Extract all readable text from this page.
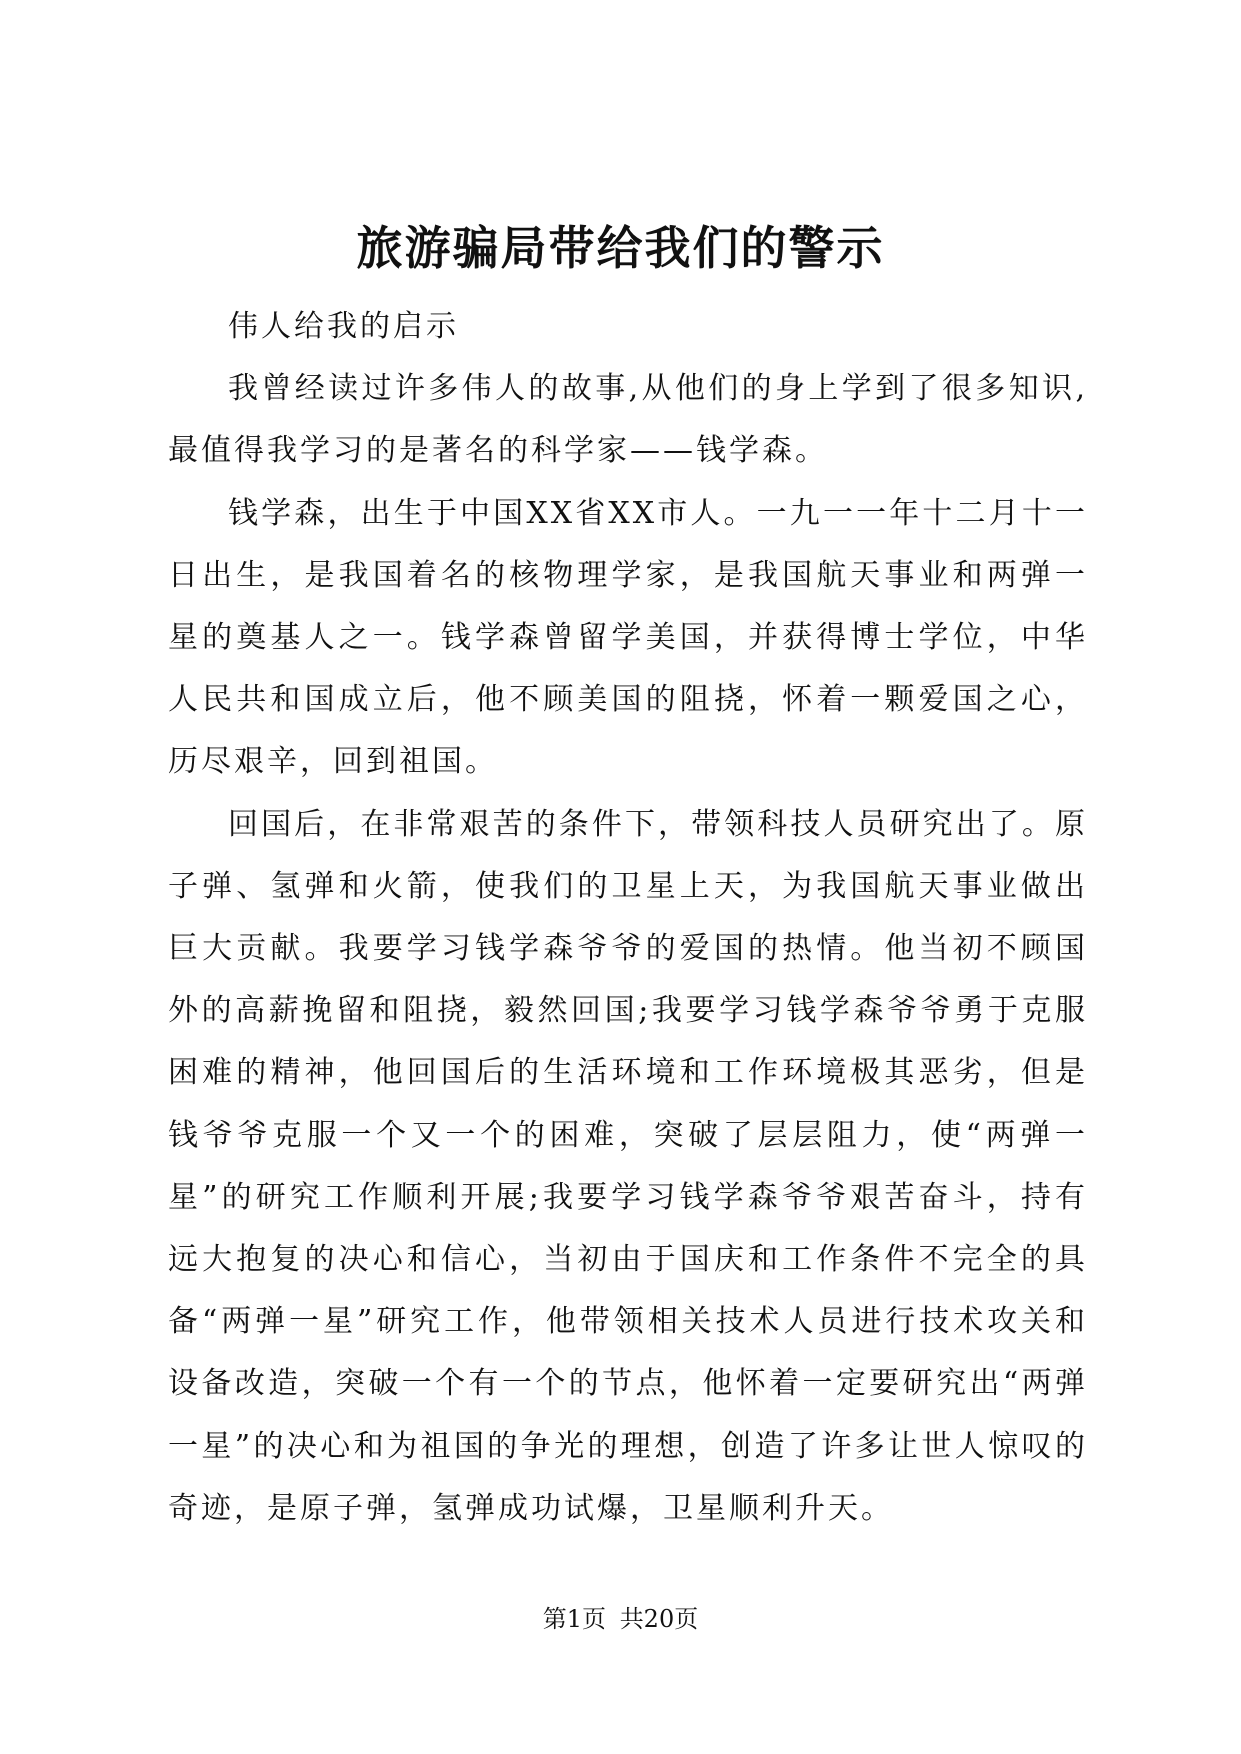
旅游骗局带给我们的警示

伟人给我的启示

我曾经读过许多伟人的故事,从他们的身上学到了很多知识,最值得我学习的是著名的科学家——钱学森。

钱学森，出生于中国XX省XX市人。一九一一年十二月十一日出生，是我国着名的核物理学家，是我国航天事业和两弹一星的奠基人之一。钱学森曾留学美国，并获得博士学位，中华人民共和国成立后，他不顾美国的阻挠，怀着一颗爱国之心，历尽艰辛，回到祖国。

回国后，在非常艰苦的条件下，带领科技人员研究出了。原子弹、氢弹和火箭，使我们的卫星上天，为我国航天事业做出巨大贡献。我要学习钱学森爷爷的爱国的热情。他当初不顾国外的高薪挽留和阻挠，毅然回国;我要学习钱学森爷爷勇于克服困难的精神，他回国后的生活环境和工作环境极其恶劣，但是钱爷爷克服一个又一个的困难，突破了层层阻力，使“两弹一星”的研究工作顺利开展;我要学习钱学森爷爷艰苦奋斗，持有远大抱复的决心和信心，当初由于国庆和工作条件不完全的具备“两弹一星”研究工作，他带领相关技术人员进行技术攻关和设备改造，突破一个有一个的节点，他怀着一定要研究出“两弹一星”的决心和为祖国的争光的理想，创造了许多让世人惊叹的奇迹，是原子弹，氢弹成功试爆，卫星顺利升天。

第1页 共20页
